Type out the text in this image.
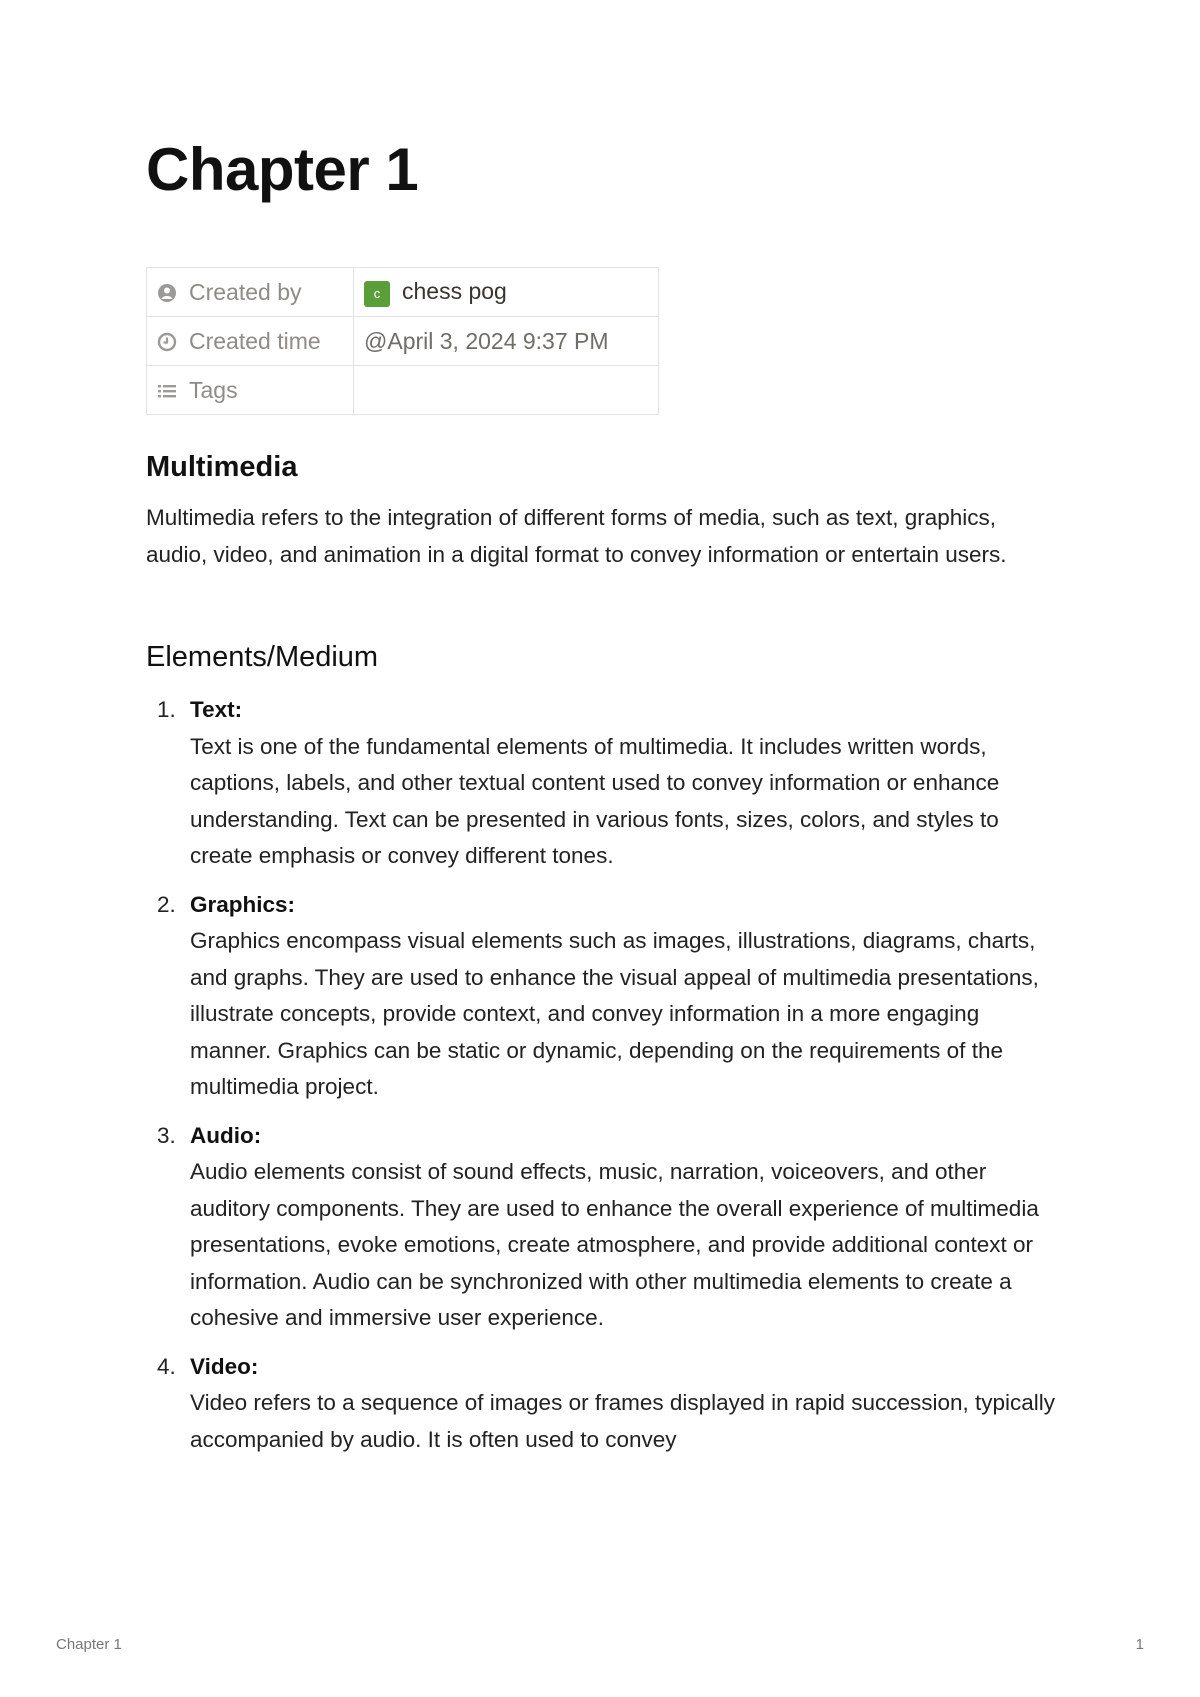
Chapter 1
Created by	c chess pog
Created time	@April 3, 2024 9:37 PM
Tags	
Multimedia

Multimedia refers to the integration of different forms of media, such as text, graphics, audio, video, and animation in a digital format to convey information or entertain users.

Elements/Medium
1. Text:
Text is one of the fundamental elements of multimedia. It includes written words, captions, labels, and other textual content used to convey information or enhance understanding. Text can be presented in various fonts, sizes, colors, and styles to create emphasis or convey different tones.
2. Graphics:
Graphics encompass visual elements such as images, illustrations, diagrams, charts, and graphs. They are used to enhance the visual appeal of multimedia presentations, illustrate concepts, provide context, and convey information in a more engaging manner. Graphics can be static or dynamic, depending on the requirements of the multimedia project.
3. Audio:
Audio elements consist of sound effects, music, narration, voiceovers, and other auditory components. They are used to enhance the overall experience of multimedia presentations, evoke emotions, create atmosphere, and provide additional context or information. Audio can be synchronized with other multimedia elements to create a cohesive and immersive user experience.
4. Video:
Video refers to a sequence of images or frames displayed in rapid succession, typically accompanied by audio. It is often used to convey
Chapter 1	1
